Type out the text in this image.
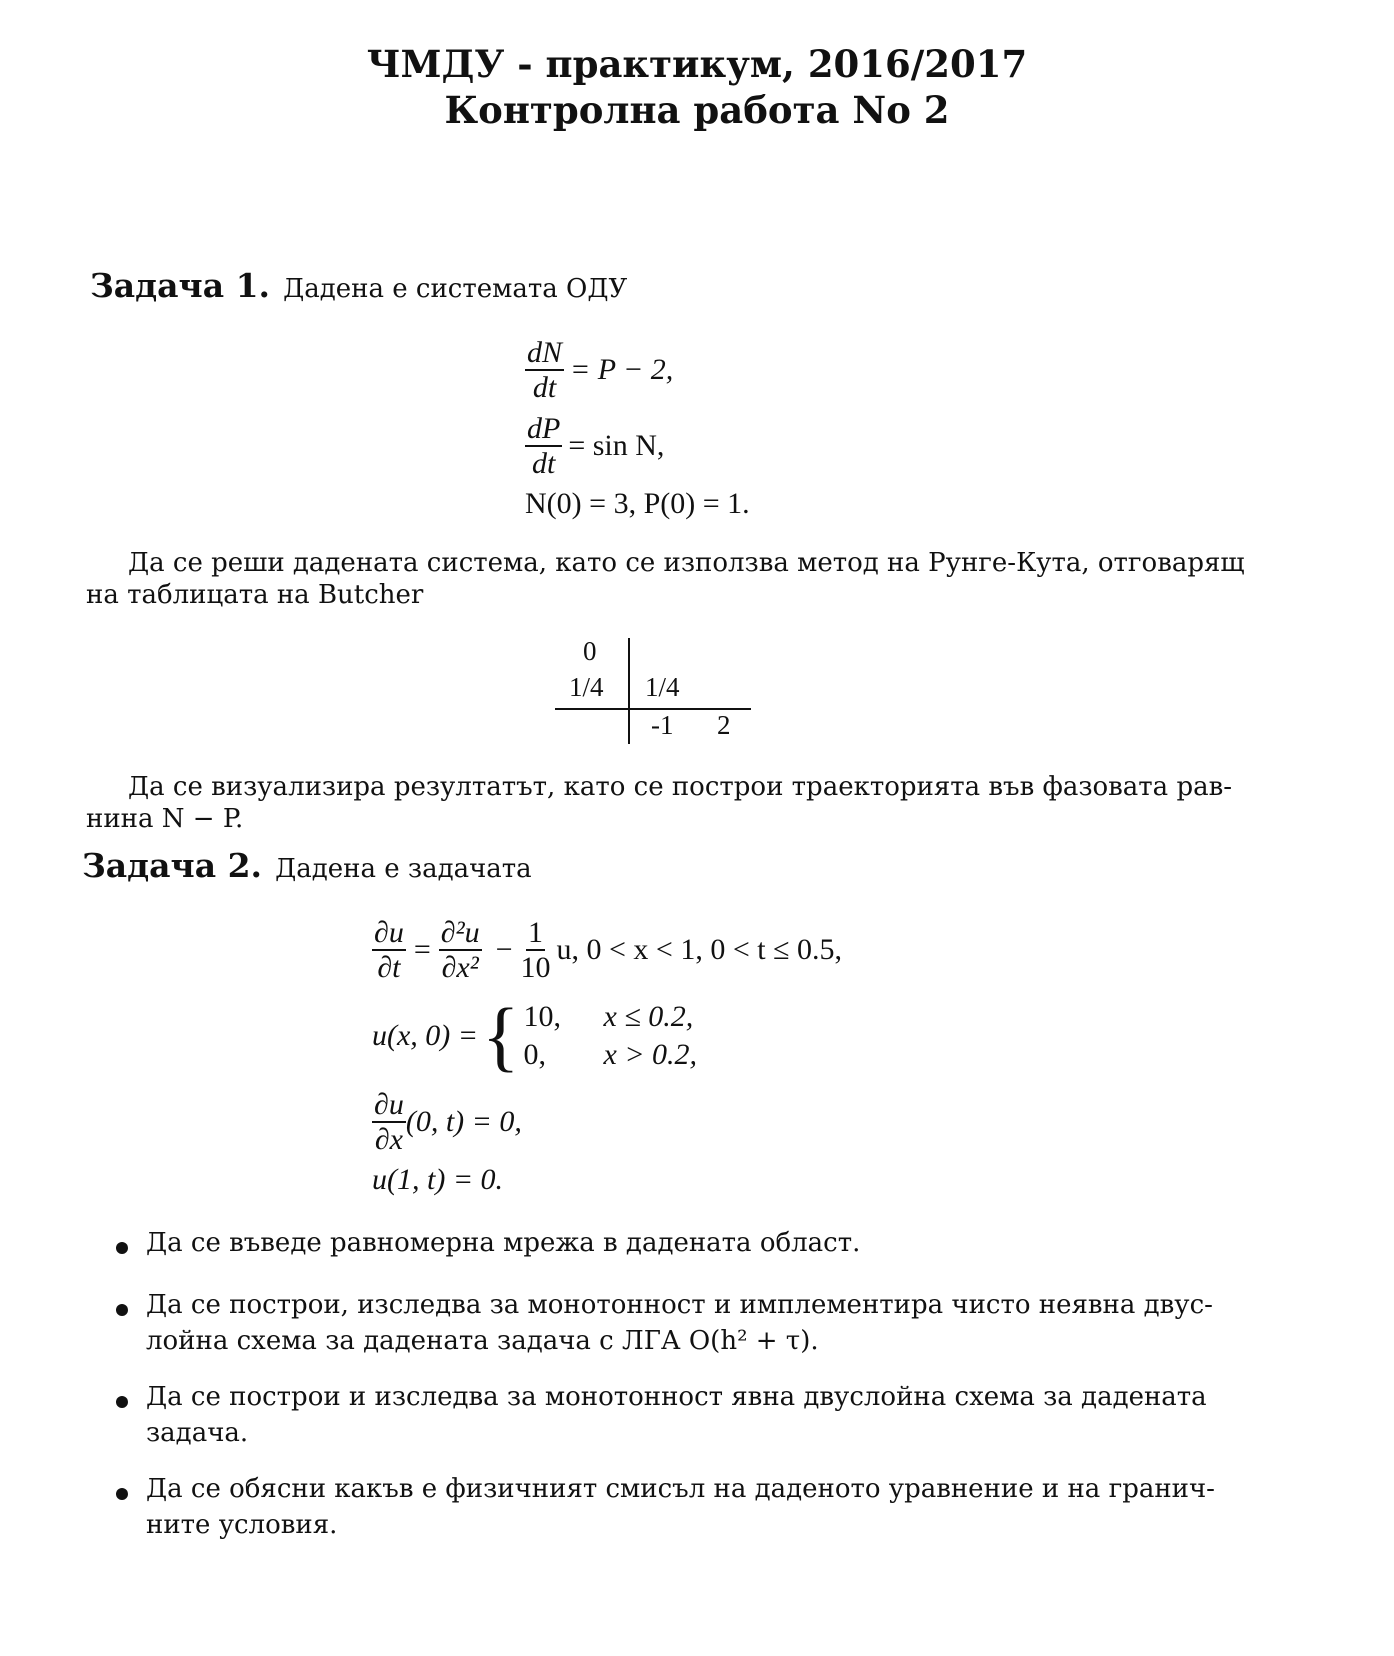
ЧМДУ - практикум, 2016/2017
Контролна работа No 2
Задача 1. Дадена е системата ОДУ
$\frac{dN}{dt} = P - 2$,
$\frac{dP}{dt} = \sin N$,
N(0) = 3, P(0) = 1.
Да се реши дадената система, като се използва метод на Рунге-Кута, отговарящ
на таблицата на Butcher
0
1/4 1/4
-1 2
Да се визуализира резултатът, като се построи траекторията във фазовата рав-
нина N − P.
Задача 2. Дадена е задачата
$\frac{\partial u}{\partial t} = \frac{\text{∂²u}}{\text{∂x²}} - \frac{1}{10} u$, 0 < x < 1, 0 < t ≤ 0.5,
u(x, 0) = { 10,	x ≤ 0.2,
0,	x > 0.2,
$\frac{\partial u}{\partial x} (0$, t) = 0,
u(1, t) = 0.
Да се въведе равномерна мрежа в дадената област.
Да се построи, изследва за монотонност и имплементира чисто неявна двус-
лойна схема за дадената задача с ЛГА O(h² + τ).
Да се построи и изследва за монотонност явна двуслойна схема за дадената
задача.
Да се обясни какъв е физичният смисъл на даденото уравнение и на гранич-
ните условия.
